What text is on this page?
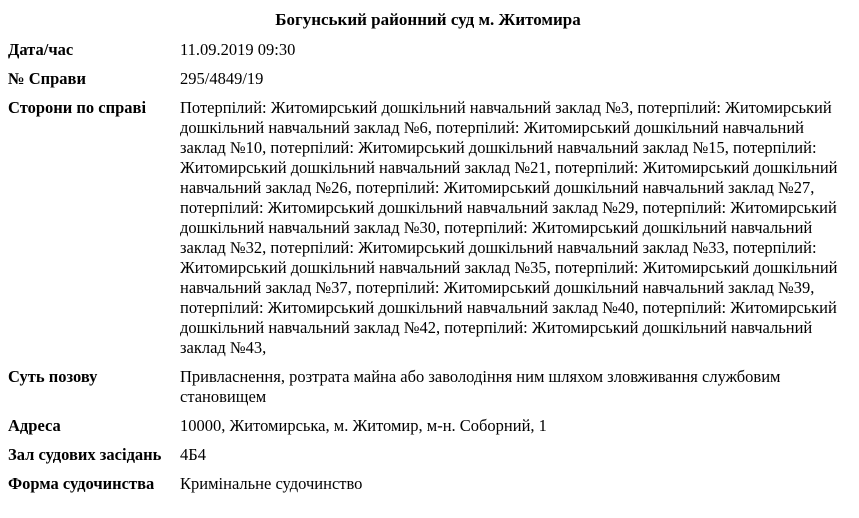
Богунський районний суд м. Житомира
Дата/час	11.09.2019 09:30
№ Справи	295/4849/19
Сторони по справі	Потерпілий: Житомирський дошкільний навчальний заклад №3, потерпілий: Житомирський дошкільний навчальний заклад №6, потерпілий: Житомирський дошкільний навчальний заклад №10, потерпілий: Житомирський дошкільний навчальний заклад №15, потерпілий: Житомирський дошкільний навчальний заклад №21, потерпілий: Житомирський дошкільний навчальний заклад №26, потерпілий: Житомирський дошкільний навчальний заклад №27, потерпілий: Житомирський дошкільний навчальний заклад №29, потерпілий: Житомирський дошкільний навчальний заклад №30, потерпілий: Житомирський дошкільний навчальний заклад №32, потерпілий: Житомирський дошкільний навчальний заклад №33, потерпілий: Житомирський дошкільний навчальний заклад №35, потерпілий: Житомирський дошкільний навчальний заклад №37, потерпілий: Житомирський дошкільний навчальний заклад №39, потерпілий: Житомирський дошкільний навчальний заклад №40, потерпілий: Житомирський дошкільний навчальний заклад №42, потерпілий: Житомирський дошкільний навчальний заклад №43,
Суть позову	Привласнення, розтрата майна або заволодіння ним шляхом зловживання службовим становищем
Адреса	10000, Житомирська, м. Житомир, м-н. Соборний, 1
Зал судових засідань	4Б4
Форма судочинства	Кримінальне судочинство
